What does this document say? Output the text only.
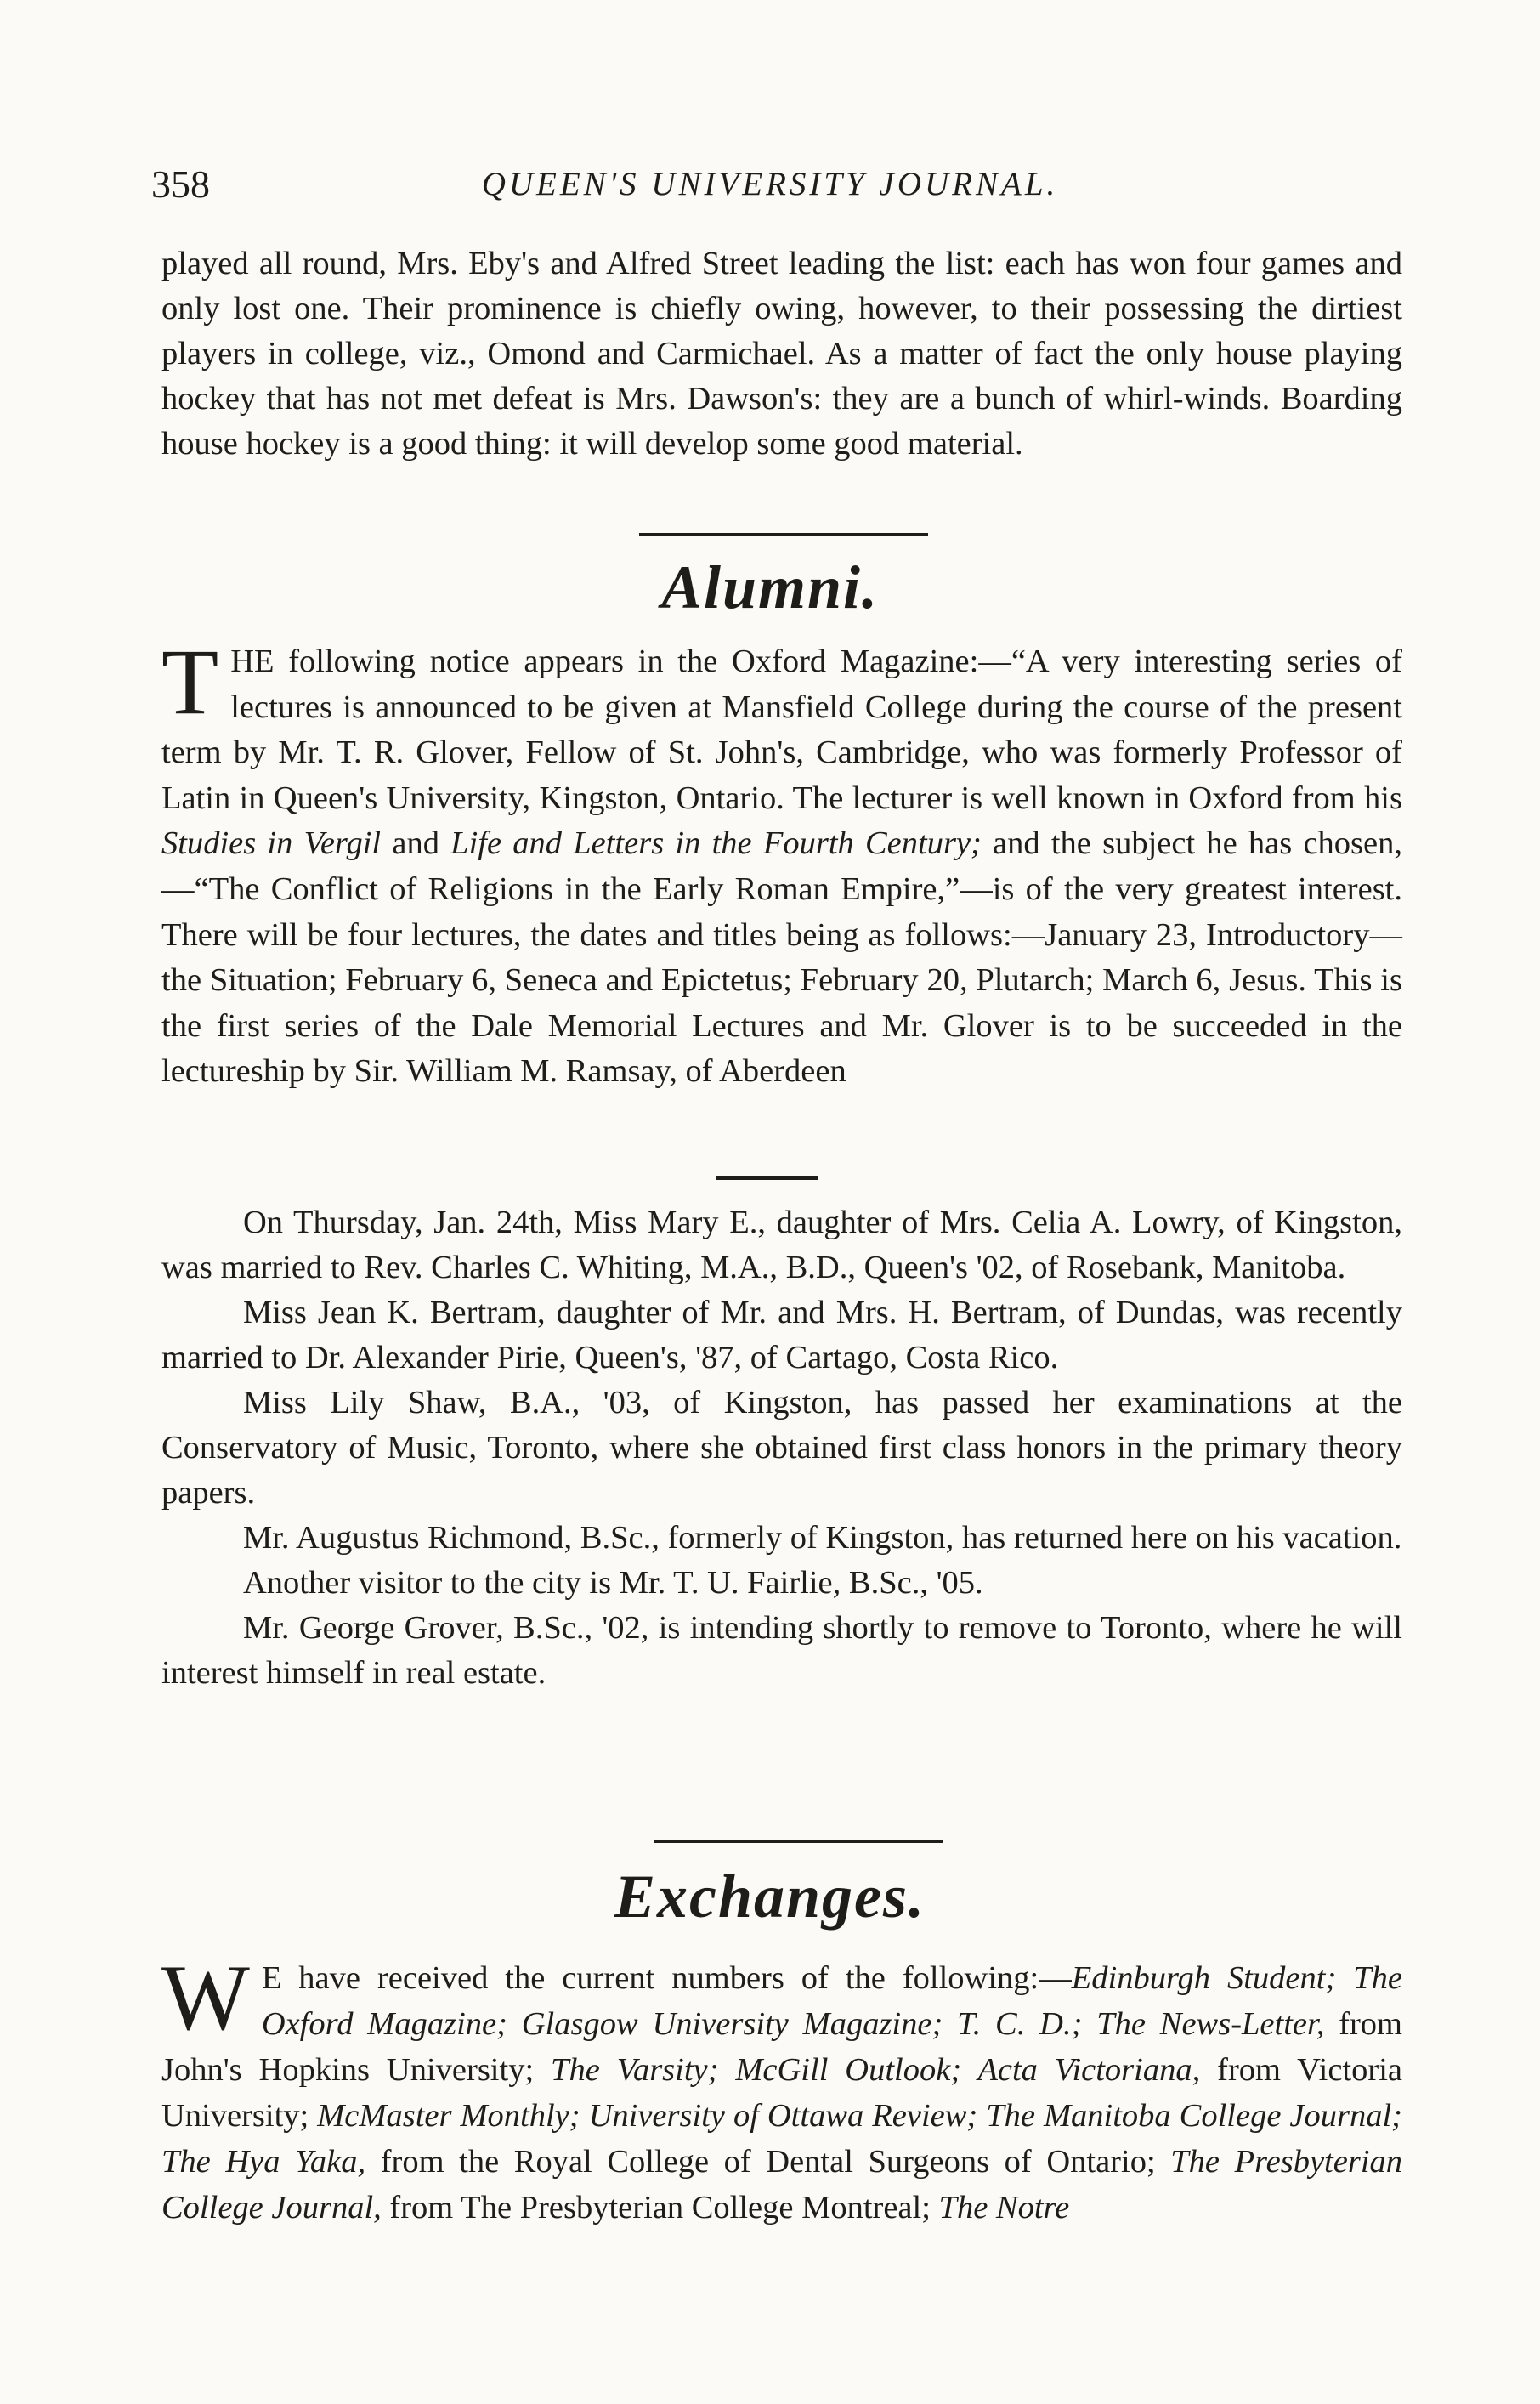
358	QUEEN'S UNIVERSITY JOURNAL.

played all round, Mrs. Eby's and Alfred Street leading the list: each has won four games and only lost one. Their prominence is chiefly owing, however, to their possessing the dirtiest players in college, viz., Omond and Carmichael. As a matter of fact the only house playing hockey that has not met defeat is Mrs. Dawson's: they are a bunch of whirl-winds. Boarding house hockey is a good thing: it will develop some good material.

Alumni.

THE following notice appears in the Oxford Magazine:—“A very interesting series of lectures is announced to be given at Mansfield College during the course of the present term by Mr. T. R. Glover, Fellow of St. John's, Cambridge, who was formerly Professor of Latin in Queen's University, Kingston, Ontario. The lecturer is well known in Oxford from his Studies in Vergil and Life and Letters in the Fourth Century; and the subject he has chosen,—“The Conflict of Religions in the Early Roman Empire,”—is of the very greatest interest. There will be four lectures, the dates and titles being as follows:—January 23, Introductory—the Situation; February 6, Seneca and Epictetus; February 20, Plutarch; March 6, Jesus. This is the first series of the Dale Memorial Lectures and Mr. Glover is to be succeeded in the lectureship by Sir. William M. Ramsay, of Aberdeen

On Thursday, Jan. 24th, Miss Mary E., daughter of Mrs. Celia A. Lowry, of Kingston, was married to Rev. Charles C. Whiting, M.A., B.D., Queen's '02, of Rosebank, Manitoba.

Miss Jean K. Bertram, daughter of Mr. and Mrs. H. Bertram, of Dundas, was recently married to Dr. Alexander Pirie, Queen's, '87, of Cartago, Costa Rico.

Miss Lily Shaw, B.A., '03, of Kingston, has passed her examinations at the Conservatory of Music, Toronto, where she obtained first class honors in the primary theory papers.

Mr. Augustus Richmond, B.Sc., formerly of Kingston, has returned here on his vacation.

Another visitor to the city is Mr. T. U. Fairlie, B.Sc., '05.

Mr. George Grover, B.Sc., '02, is intending shortly to remove to Toronto, where he will interest himself in real estate.

Exchanges.

W E have received the current numbers of the following:—Edinburgh Student; The Oxford Magazine; Glasgow University Magazine; T. C. D.; The News-Letter, from John's Hopkins University; The Varsity; McGill Outlook; Acta Victoriana, from Victoria University; McMaster Monthly; University of Ottawa Review; The Manitoba College Journal; The Hya Yaka, from the Royal College of Dental Surgeons of Ontario; The Presbyterian College Journal, from The Presbyterian College Montreal; The Notre
